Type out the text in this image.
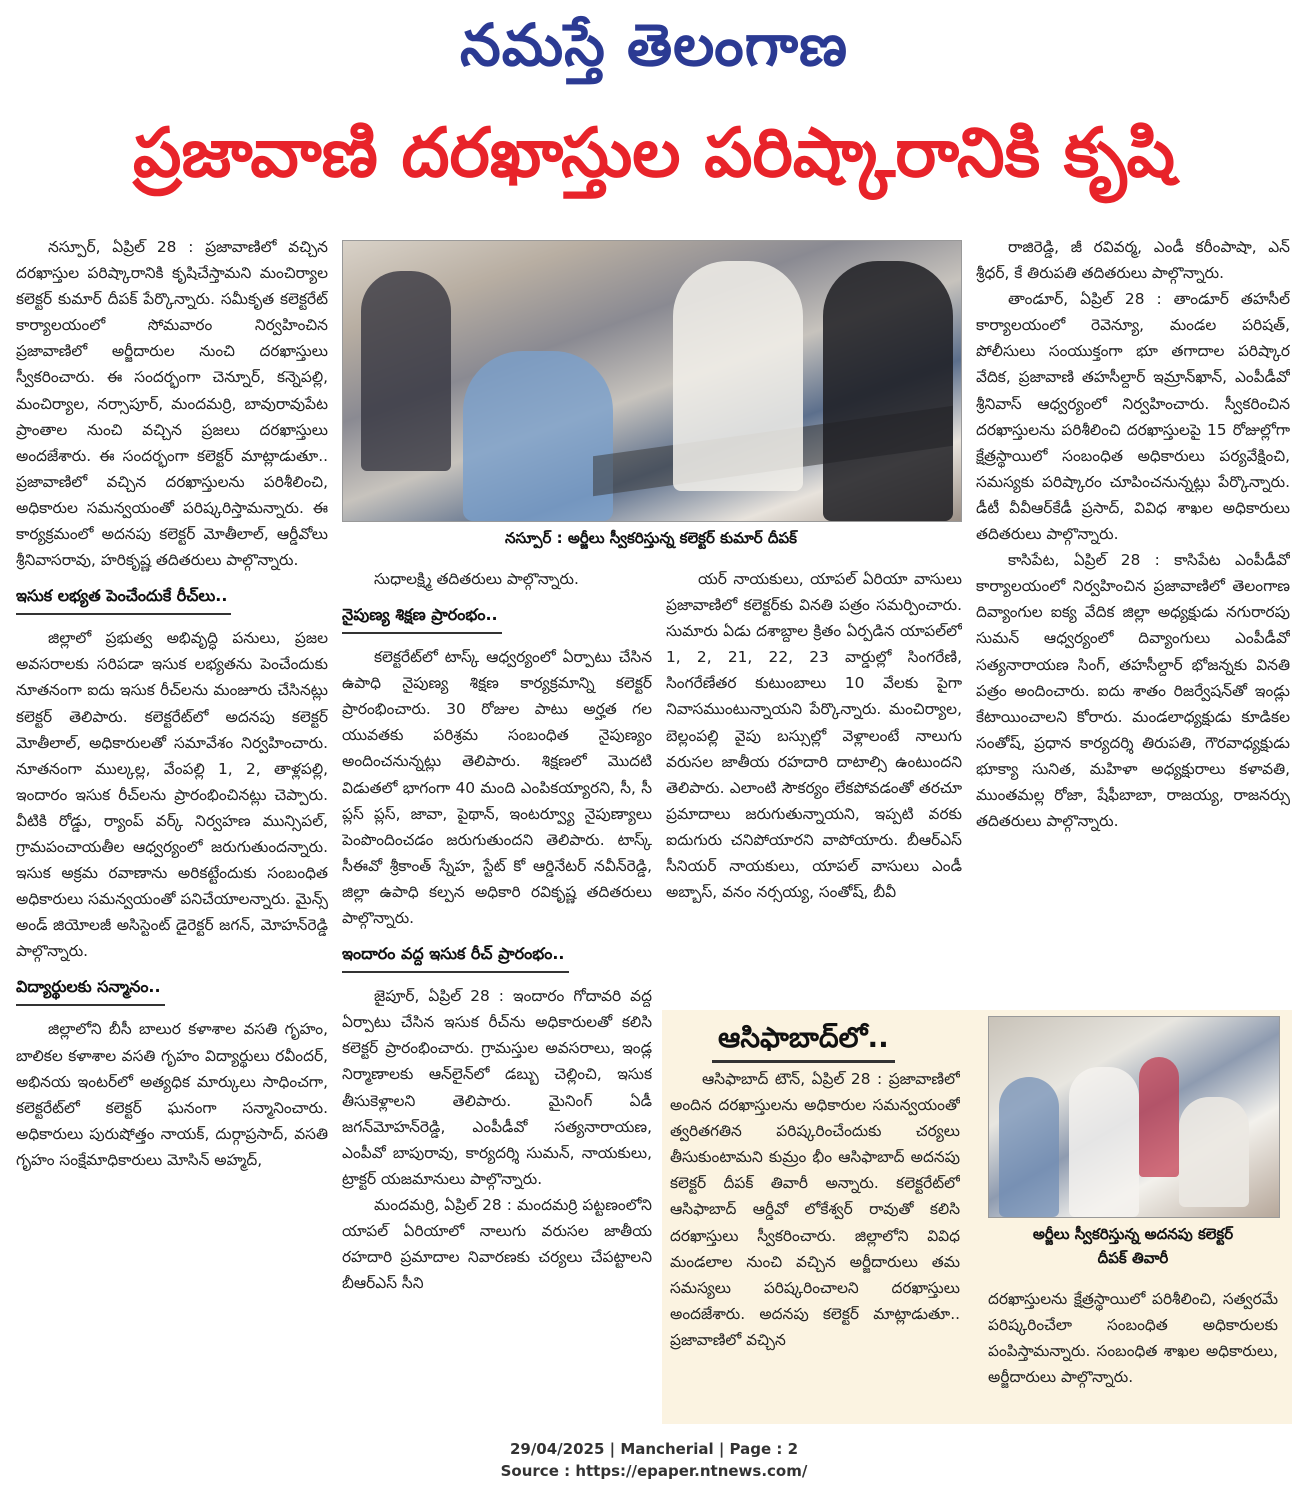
నమస్తే తెలంగాణ
ప్రజావాణి దరఖాస్తుల పరిష్కారానికి కృషి

నస్పూర్, ఏప్రిల్ 28 : ప్రజావాణిలో వచ్చిన దరఖాస్తుల పరిష్కారానికి కృషిచేస్తామని మంచిర్యాల కలెక్టర్ కుమార్ దీపక్ పేర్కొన్నారు. సమీకృత కలెక్టరేట్ కార్యాలయంలో సోమవారం నిర్వహించిన ప్రజావాణిలో అర్జీదారుల నుంచి దరఖాస్తులు స్వీకరించారు. ఈ సందర్భంగా చెన్నూర్, కన్నెపల్లి, మంచిర్యాల, నర్సాపూర్, మందమర్రి, బావురావుపేట ప్రాంతాల నుంచి వచ్చిన ప్రజలు దరఖాస్తులు అందజేశారు. ఈ సందర్భంగా కలెక్టర్ మాట్లాడుతూ.. ప్రజావాణిలో వచ్చిన దరఖాస్తులను పరిశీలించి, అధికారుల సమన్వయంతో పరిష్కరిస్తామన్నారు. ఈ కార్యక్రమంలో అదనపు కలెక్టర్ మోతీలాల్, ఆర్డీవోలు శ్రీనివాసరావు, హరికృష్ణ తదితరులు పాల్గొన్నారు.

ఇసుక లభ్యత పెంచేందుకే రీచ్‌లు..

జిల్లాలో ప్రభుత్వ అభివృద్ధి పనులు, ప్రజల అవసరాలకు సరిపడా ఇసుక లభ్యతను పెంచేందుకు నూతనంగా ఐదు ఇసుక రీచ్‌లను మంజూరు చేసినట్లు కలెక్టర్ తెలిపారు. కలెక్టరేట్‌లో అదనపు కలెక్టర్ మోతీలాల్, అధికారులతో సమావేశం నిర్వహించారు. నూతనంగా ముల్కల్ల, వేంపల్లి 1, 2, తాళ్లపల్లి, ఇందారం ఇసుక రీచ్‌లను ప్రారంభించినట్లు చెప్పారు. వీటికి రోడ్డు, ర్యాంప్ వర్క్ నిర్వహణ మున్సిపల్, గ్రామపంచాయతీల ఆధ్వర్యంలో జరుగుతుందన్నారు. ఇసుక అక్రమ రవాణాను అరికట్టేందుకు సంబంధిత అధికారులు సమన్వయంతో పనిచేయాలన్నారు. మైన్స్ అండ్ జియోలజీ అసిస్టెంట్ డైరెక్టర్ జగన్, మోహన్‌రెడ్డి పాల్గొన్నారు.

విద్యార్థులకు సన్మానం..

జిల్లాలోని బీసీ బాలుర కళాశాల వసతి గృహం, బాలికల కళాశాల వసతి గృహం విద్యార్థులు రవీందర్, అభినయ ఇంటర్‌లో అత్యధిక మార్కులు సాధించగా, కలెక్టరేట్‌లో కలెక్టర్ ఘనంగా సన్మానించారు. అధికారులు పురుషోత్తం నాయక్, దుర్గాప్రసాద్, వసతి గృహం సంక్షేమాధికారులు మోసిన్ అహ్మద్,

నస్పూర్ : అర్జీలు స్వీకరిస్తున్న కలెక్టర్ కుమార్ దీపక్

సుధాలక్ష్మి తదితరులు పాల్గొన్నారు.

నైపుణ్య శిక్షణ ప్రారంభం..

కలెక్టరేట్‌లో టాస్క్ ఆధ్వర్యంలో ఏర్పాటు చేసిన ఉపాధి నైపుణ్య శిక్షణ కార్యక్రమాన్ని కలెక్టర్ ప్రారంభించారు. 30 రోజుల పాటు అర్హత గల యువతకు పరిశ్రమ సంబంధిత నైపుణ్యం అందించనున్నట్లు తెలిపారు. శిక్షణలో మొదటి విడుతలో భాగంగా 40 మంది ఎంపికయ్యారని, సీ, సీ ప్లస్ ప్లస్, జావా, పైథాన్, ఇంటర్వ్యూ నైపుణ్యాలు పెంపొందించడం జరుగుతుందని తెలిపారు. టాస్క్ సీఈవో శ్రీకాంత్ స్నేహ, స్టేట్ కో ఆర్డినేటర్ నవీన్‌రెడ్డి, జిల్లా ఉపాధి కల్పన అధికారి రవికృష్ణ తదితరులు పాల్గొన్నారు.

ఇందారం వద్ద ఇసుక రీచ్ ప్రారంభం..

జైపూర్, ఏప్రిల్ 28 : ఇందారం గోదావరి వద్ద ఏర్పాటు చేసిన ఇసుక రీచ్‌ను అధికారులతో కలిసి కలెక్టర్ ప్రారంభించారు. గ్రామస్తుల అవసరాలు, ఇండ్ల నిర్మాణాలకు ఆన్‌లైన్‌లో డబ్బు చెల్లించి, ఇసుక తీసుకెళ్లాలని తెలిపారు. మైనింగ్ ఏడీ జగన్‌మోహన్‌రెడ్డి, ఎంపీడీవో సత్యనారాయణ, ఎంపీవో బాపురావు, కార్యదర్శి సుమన్, నాయకులు, ట్రాక్టర్ యజమానులు పాల్గొన్నారు.

మందమర్రి, ఏప్రిల్ 28 : మందమర్రి పట్టణంలోని యాపల్ ఏరియాలో నాలుగు వరుసల జాతీయ రహదారి ప్రమాదాల నివారణకు చర్యలు చేపట్టాలని బీఆర్‌ఎస్ సీని

యర్ నాయకులు, యాపల్ ఏరియా వాసులు ప్రజావాణిలో కలెక్టర్‌కు వినతి పత్రం సమర్పించారు. సుమారు ఏడు దశాబ్దాల క్రితం ఏర్పడిన యాపల్‌లో 1, 2, 21, 22, 23 వార్డుల్లో సింగరేణి, సింగరేణేతర కుటుంబాలు 10 వేలకు పైగా నివాసముంటున్నాయని పేర్కొన్నారు. మంచిర్యాల, బెల్లంపల్లి వైపు బస్సుల్లో వెళ్లాలంటే నాలుగు వరుసల జాతీయ రహదారి దాటాల్సి ఉంటుందని తెలిపారు. ఎలాంటి సౌకర్యం లేకపోవడంతో తరచూ ప్రమాదాలు జరుగుతున్నాయని, ఇప్పటి వరకు ఐదుగురు చనిపోయారని వాపోయారు. బీఆర్‌ఎస్ సీనియర్ నాయకులు, యాపల్ వాసులు ఎండీ అబ్బాస్, వనం నర్సయ్య, సంతోష్, బీవీ

రాజిరెడ్డి, జీ రవివర్మ, ఎండీ కరీంపాషా, ఎన్ శ్రీధర్, కే తిరుపతి తదితరులు పాల్గొన్నారు.

తాండూర్, ఏప్రిల్ 28 : తాండూర్ తహసీల్ కార్యాలయంలో రెవెన్యూ, మండల పరిషత్, పోలీసులు సంయుక్తంగా భూ తగాదాల పరిష్కార వేదిక, ప్రజావాణి తహసీల్దార్ ఇమ్రాన్‌ఖాన్, ఎంపీడీవో శ్రీనివాస్ ఆధ్వర్యంలో నిర్వహించారు. స్వీకరించిన దరఖాస్తులను పరిశీలించి దరఖాస్తులపై 15 రోజుల్లోగా క్షేత్రస్థాయిలో సంబంధిత అధికారులు పర్యవేక్షించి, సమస్యకు పరిష్కారం చూపించనున్నట్లు పేర్కొన్నారు. డీటీ వీవీఆర్‌కేడీ ప్రసాద్, వివిధ శాఖల అధికారులు తదితరులు పాల్గొన్నారు.

కాసిపేట, ఏప్రిల్ 28 : కాసిపేట ఎంపీడీవో కార్యాలయంలో నిర్వహించిన ప్రజావాణిలో తెలంగాణ దివ్యాంగుల ఐక్య వేదిక జిల్లా అధ్యక్షుడు నగురారపు సుమన్ ఆధ్వర్యంలో దివ్యాంగులు ఎంపీడీవో సత్యనారాయణ సింగ్, తహసీల్దార్ భోజన్నకు వినతి పత్రం అందించారు. ఐదు శాతం రిజర్వేషన్‌తో ఇండ్లు కేటాయించాలని కోరారు. మండలాధ్యక్షుడు కూడికల సంతోష్, ప్రధాన కార్యదర్శి తిరుపతి, గౌరవాధ్యక్షుడు భూక్యా సునిత, మహిళా అధ్యక్షురాలు కళావతి, ముంతమల్ల రోజా, షేఫీబాబా, రాజయ్య, రాజనర్సు తదితరులు పాల్గొన్నారు.

ఆసిఫాబాద్‌లో..

ఆసిఫాబాద్ టౌన్, ఏప్రిల్ 28 : ప్రజావాణిలో అందిన దరఖాస్తులను అధికారుల సమన్వయంతో త్వరితగతిన పరిష్కరించేందుకు చర్యలు తీసుకుంటామని కుమ్రం భీం ఆసిఫాబాద్ అదనపు కలెక్టర్ దీపక్ తివారీ అన్నారు. కలెక్టరేట్‌లో ఆసిఫాబాద్ ఆర్డీవో లోకేశ్వర్ రావుతో కలిసి దరఖాస్తులు స్వీకరించారు. జిల్లాలోని వివిధ మండలాల నుంచి వచ్చిన అర్జీదారులు తమ సమస్యలు పరిష్కరించాలని దరఖాస్తులు అందజేశారు. అదనపు కలెక్టర్ మాట్లాడుతూ.. ప్రజావాణిలో వచ్చిన

అర్జీలు స్వీకరిస్తున్న అదనపు కలెక్టర్
దీపక్ తివారీ

దరఖాస్తులను క్షేత్రస్థాయిలో పరిశీలించి, సత్వరమే పరిష్కరించేలా సంబంధిత అధికారులకు పంపిస్తామన్నారు. సంబంధిత శాఖల అధికారులు, అర్జీదారులు పాల్గొన్నారు.

29/04/2025 | Mancherial | Page : 2
Source : https://epaper.ntnews.com/
